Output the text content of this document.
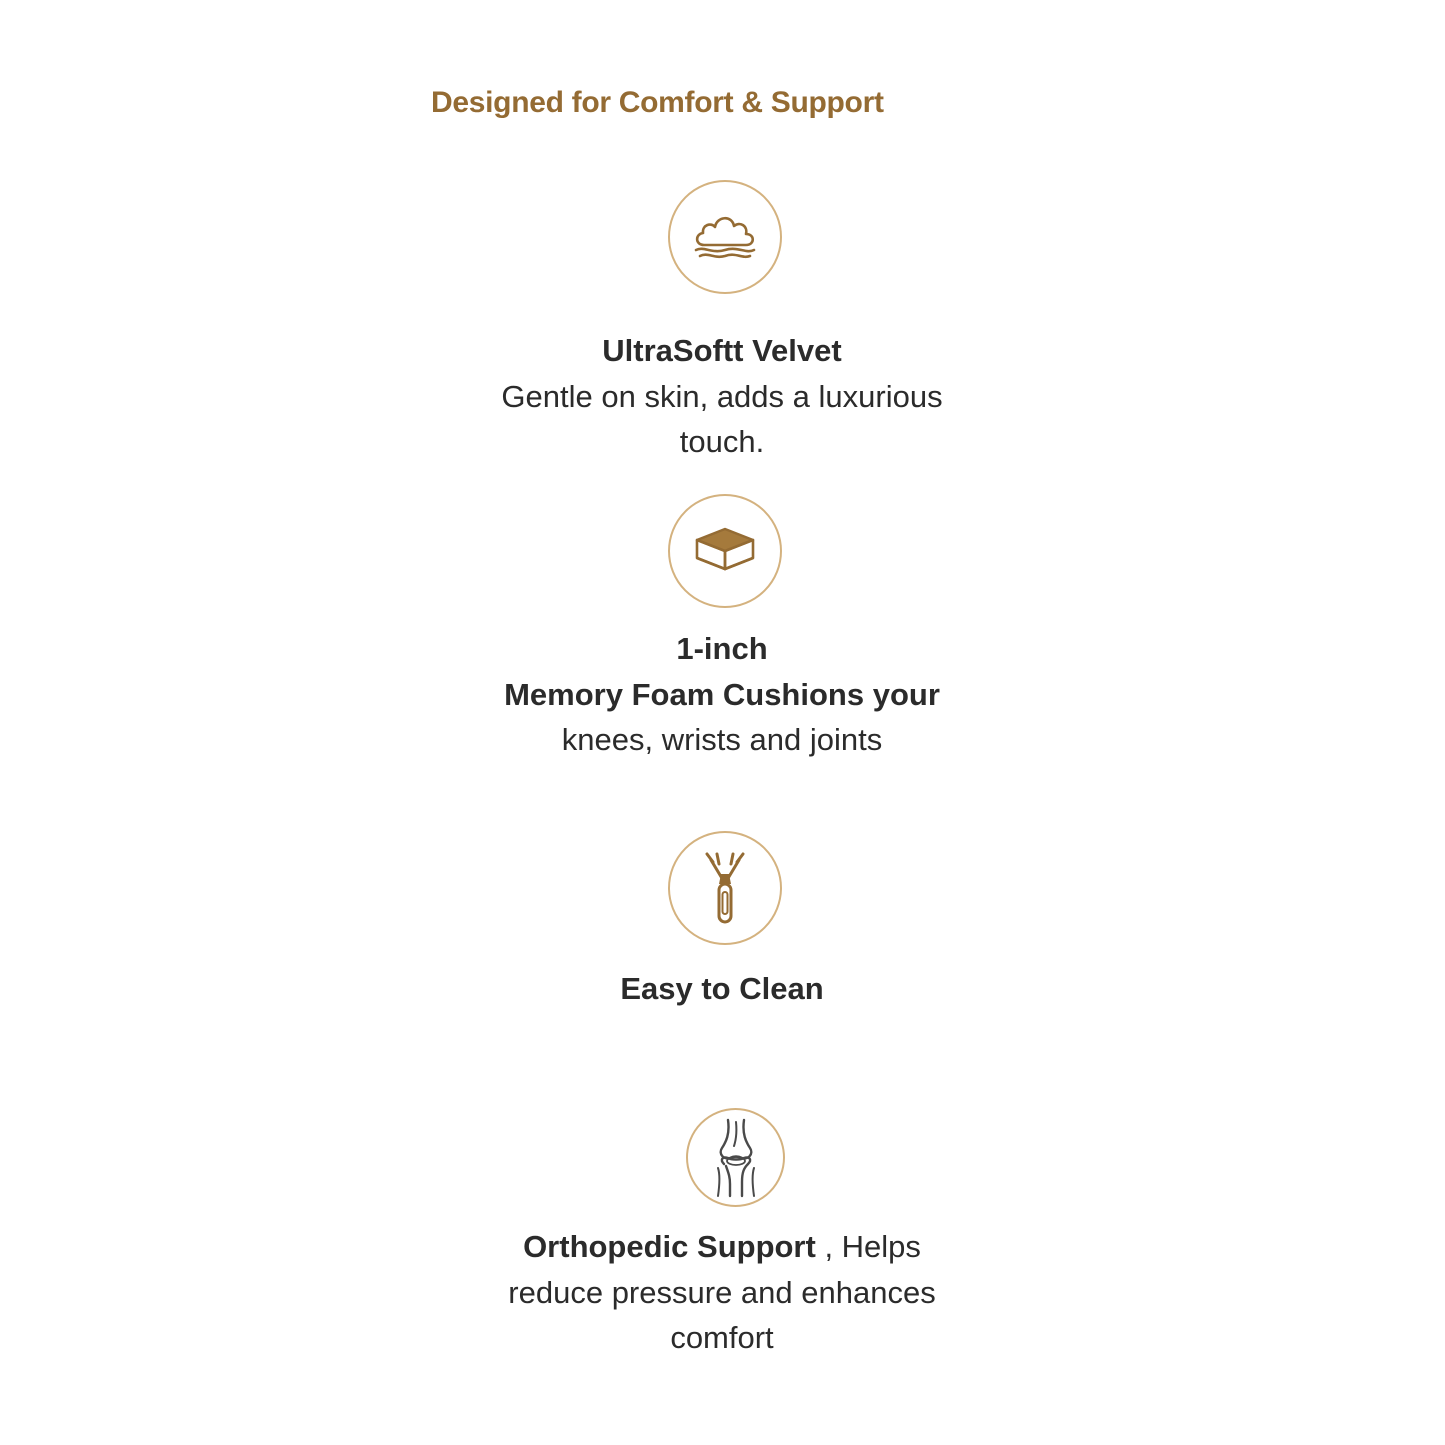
Designed for Comfort & Support
UltraSoftt Velvet
Gentle on skin, adds a luxurious
touch.
1-inch
Memory Foam Cushions your
knees, wrists and joints
Easy to Clean
Orthopedic Support , Helps
reduce pressure and enhances
comfort
